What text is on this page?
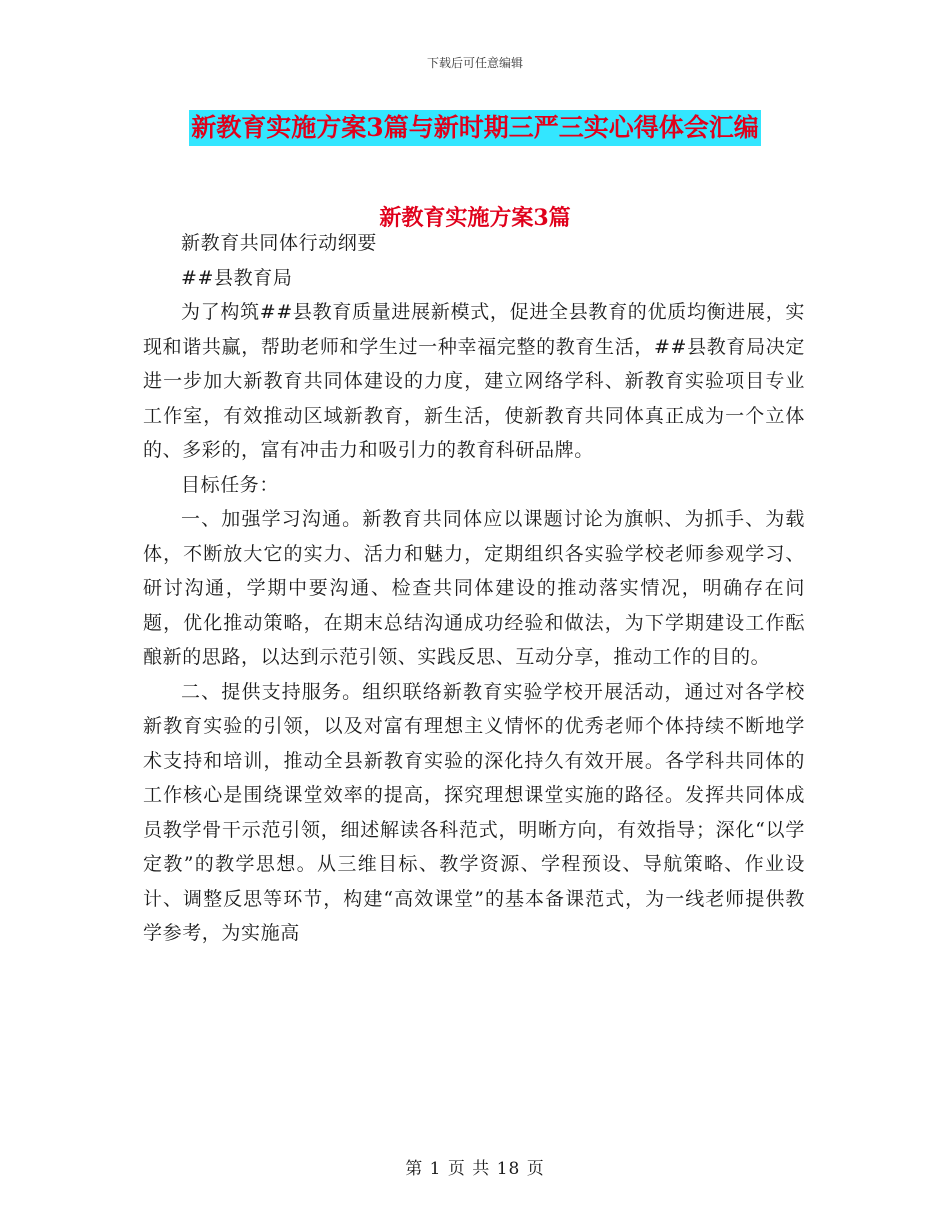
下载后可任意编辑
新教育实施方案3篇与新时期三严三实心得体会汇编
新教育实施方案3篇

新教育共同体行动纲要

##县教育局

为了构筑##县教育质量进展新模式，促进全县教育的优质均衡进展，实现和谐共赢，帮助老师和学生过一种幸福完整的教育生活，##县教育局决定进一步加大新教育共同体建设的力度，建立网络学科、新教育实验项目专业工作室，有效推动区域新教育，新生活，使新教育共同体真正成为一个立体的、多彩的，富有冲击力和吸引力的教育科研品牌。

目标任务：

一、加强学习沟通。新教育共同体应以课题讨论为旗帜、为抓手、为载体，不断放大它的实力、活力和魅力，定期组织各实验学校老师参观学习、研讨沟通，学期中要沟通、检查共同体建设的推动落实情况，明确存在问题，优化推动策略，在期末总结沟通成功经验和做法，为下学期建设工作酝酿新的思路，以达到示范引领、实践反思、互动分享，推动工作的目的。

二、提供支持服务。组织联络新教育实验学校开展活动，通过对各学校新教育实验的引领，以及对富有理想主义情怀的优秀老师个体持续不断地学术支持和培训，推动全县新教育实验的深化持久有效开展。各学科共同体的工作核心是围绕课堂效率的提高，探究理想课堂实施的路径。发挥共同体成员教学骨干示范引领，细述解读各科范式，明晰方向，有效指导；深化“以学定教”的教学思想。从三维目标、教学资源、学程预设、导航策略、作业设计、调整反思等环节，构建“高效课堂”的基本备课范式，为一线老师提供教学参考，为实施高

第 1 页 共 18 页
